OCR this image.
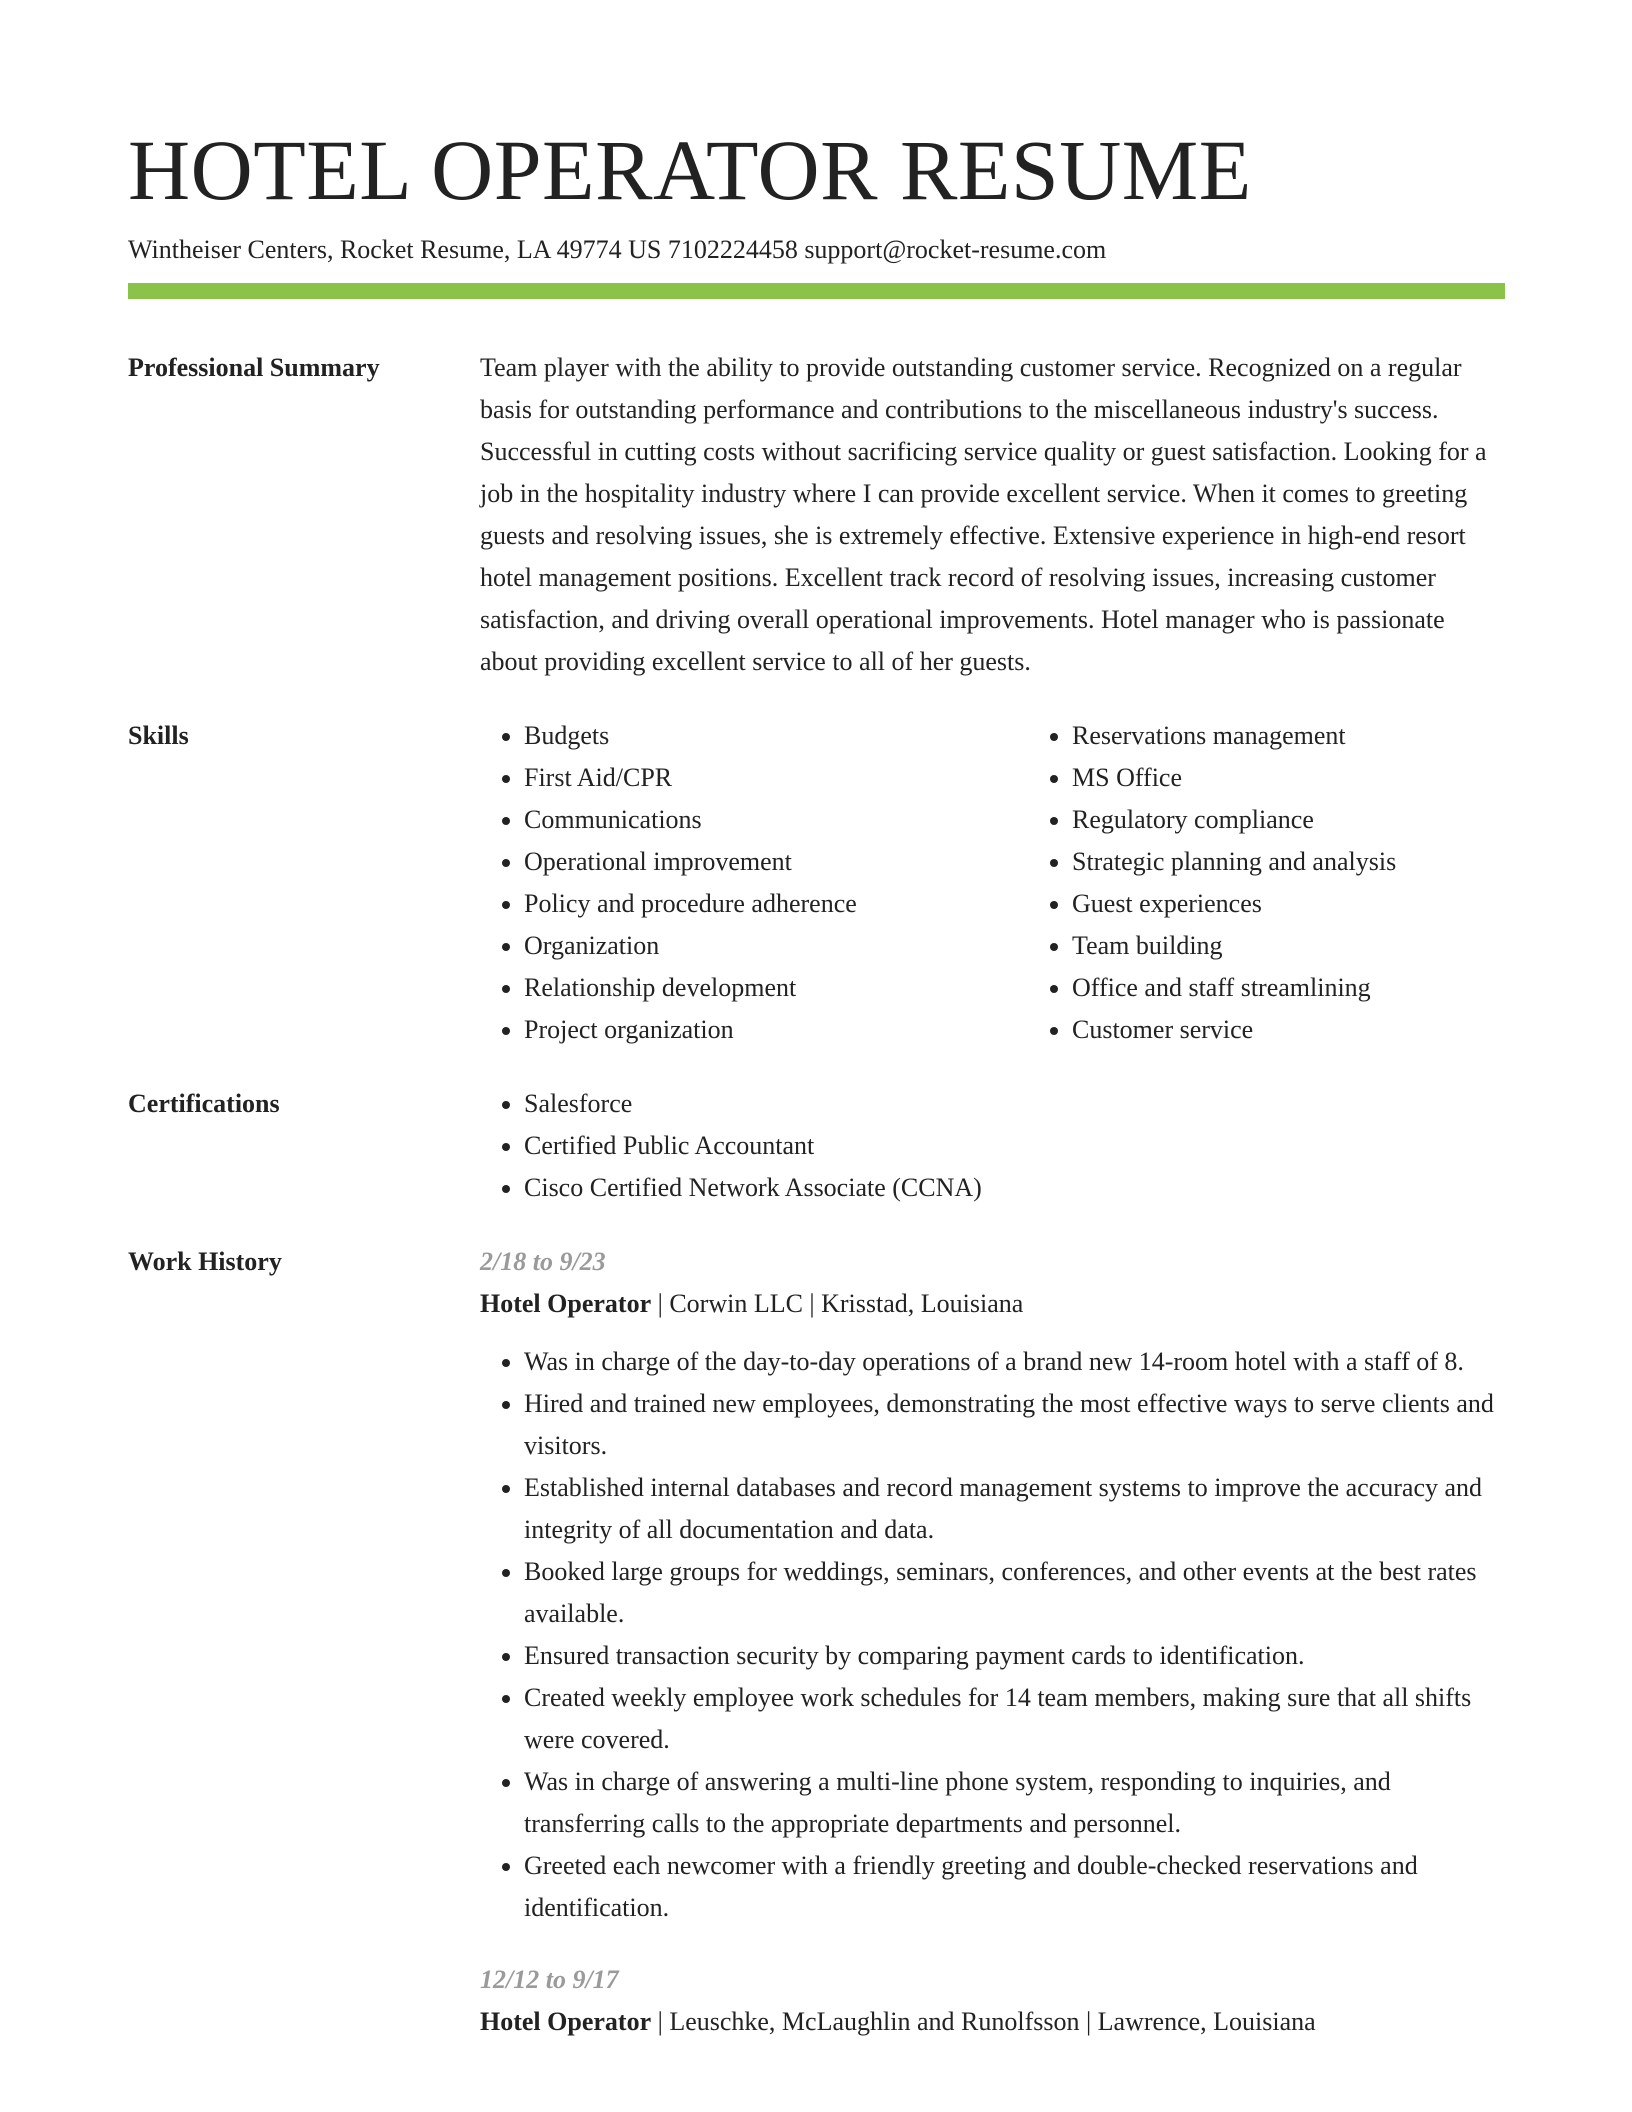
HOTEL OPERATOR RESUME
Wintheiser Centers, Rocket Resume, LA 49774 US 7102224458 support@rocket-resume.com
Professional Summary	Team player with the ability to provide outstanding customer service. Recognized on a regular basis for outstanding performance and contributions to the miscellaneous industry's success. Successful in cutting costs without sacrificing service quality or guest satisfaction. Looking for a job in the hospitality industry where I can provide excellent service. When it comes to greeting guests and resolving issues, she is extremely effective. Extensive experience in high-end resort hotel management positions. Excellent track record of resolving issues, increasing customer satisfaction, and driving overall operational improvements. Hotel manager who is passionate about providing excellent service to all of her guests.

Skills	• Budgets
• First Aid/CPR
• Communications
• Operational improvement
• Policy and procedure adherence
• Organization
• Relationship development
• Project organization
• Reservations management
• MS Office
• Regulatory compliance
• Strategic planning and analysis
• Guest experiences
• Team building
• Office and staff streamlining
• Customer service
Certifications	• Salesforce
• Certified Public Accountant
• Cisco Certified Network Associate (CCNA)
Work History	2/18 to 9/23
Hotel Operator | Corwin LLC | Krisstad, Louisiana
• Was in charge of the day-to-day operations of a brand new 14-room hotel with a staff of 8.
• Hired and trained new employees, demonstrating the most effective ways to serve clients and visitors.
• Established internal databases and record management systems to improve the accuracy and integrity of all documentation and data.
• Booked large groups for weddings, seminars, conferences, and other events at the best rates available.
• Ensured transaction security by comparing payment cards to identification.
• Created weekly employee work schedules for 14 team members, making sure that all shifts were covered.
• Was in charge of answering a multi-line phone system, responding to inquiries, and transferring calls to the appropriate departments and personnel.
• Greeted each newcomer with a friendly greeting and double-checked reservations and identification.
12/12 to 9/17
Hotel Operator | Leuschke, McLaughlin and Runolfsson | Lawrence, Louisiana
